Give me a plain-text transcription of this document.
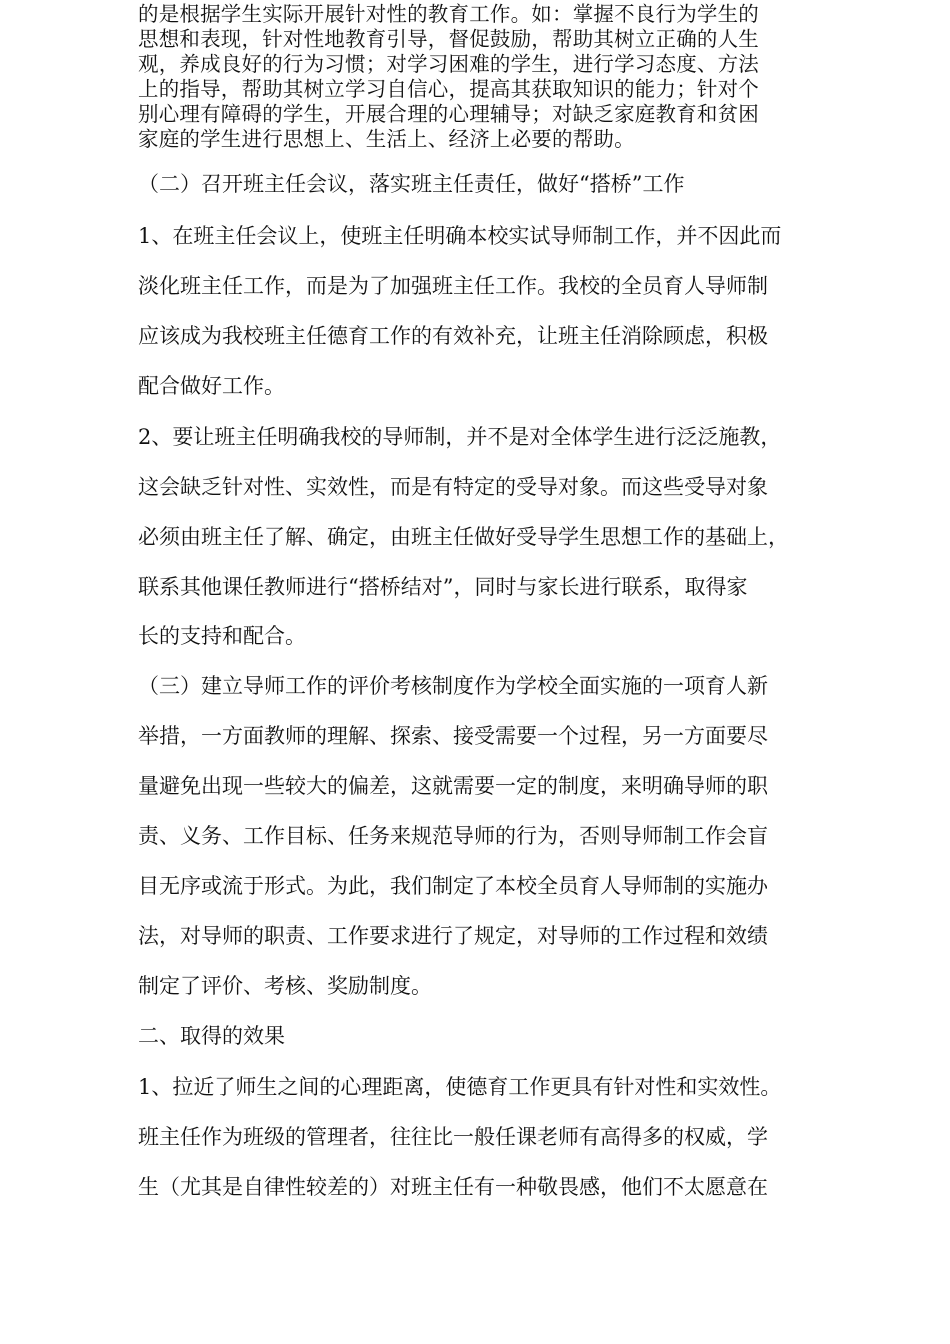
的是根据学生实际开展针对性的教育工作。如：掌握不良行为学生的
思想和表现，针对性地教育引导，督促鼓励，帮助其树立正确的人生
观，养成良好的行为习惯；对学习困难的学生，进行学习态度、方法
上的指导，帮助其树立学习自信心，提高其获取知识的能力；针对个
别心理有障碍的学生，开展合理的心理辅导；对缺乏家庭教育和贫困
家庭的学生进行思想上、生活上、经济上必要的帮助。
（二）召开班主任会议，落实班主任责任，做好“搭桥”工作
1、在班主任会议上，使班主任明确本校实试导师制工作，并不因此而
淡化班主任工作，而是为了加强班主任工作。我校的全员育人导师制
应该成为我校班主任德育工作的有效补充，让班主任消除顾虑，积极
配合做好工作。
2、要让班主任明确我校的导师制，并不是对全体学生进行泛泛施教，
这会缺乏针对性、实效性，而是有特定的受导对象。而这些受导对象
必须由班主任了解、确定，由班主任做好受导学生思想工作的基础上，
联系其他课任教师进行“搭桥结对”，同时与家长进行联系，取得家
长的支持和配合。
（三）建立导师工作的评价考核制度作为学校全面实施的一项育人新
举措，一方面教师的理解、探索、接受需要一个过程，另一方面要尽
量避免出现一些较大的偏差，这就需要一定的制度，来明确导师的职
责、义务、工作目标、任务来规范导师的行为，否则导师制工作会盲
目无序或流于形式。为此，我们制定了本校全员育人导师制的实施办
法，对导师的职责、工作要求进行了规定，对导师的工作过程和效绩
制定了评价、考核、奖励制度。
二、取得的效果
1、拉近了师生之间的心理距离，使德育工作更具有针对性和实效性。
班主任作为班级的管理者，往往比一般任课老师有高得多的权威，学
生（尤其是自律性较差的）对班主任有一种敬畏感，他们不太愿意在
